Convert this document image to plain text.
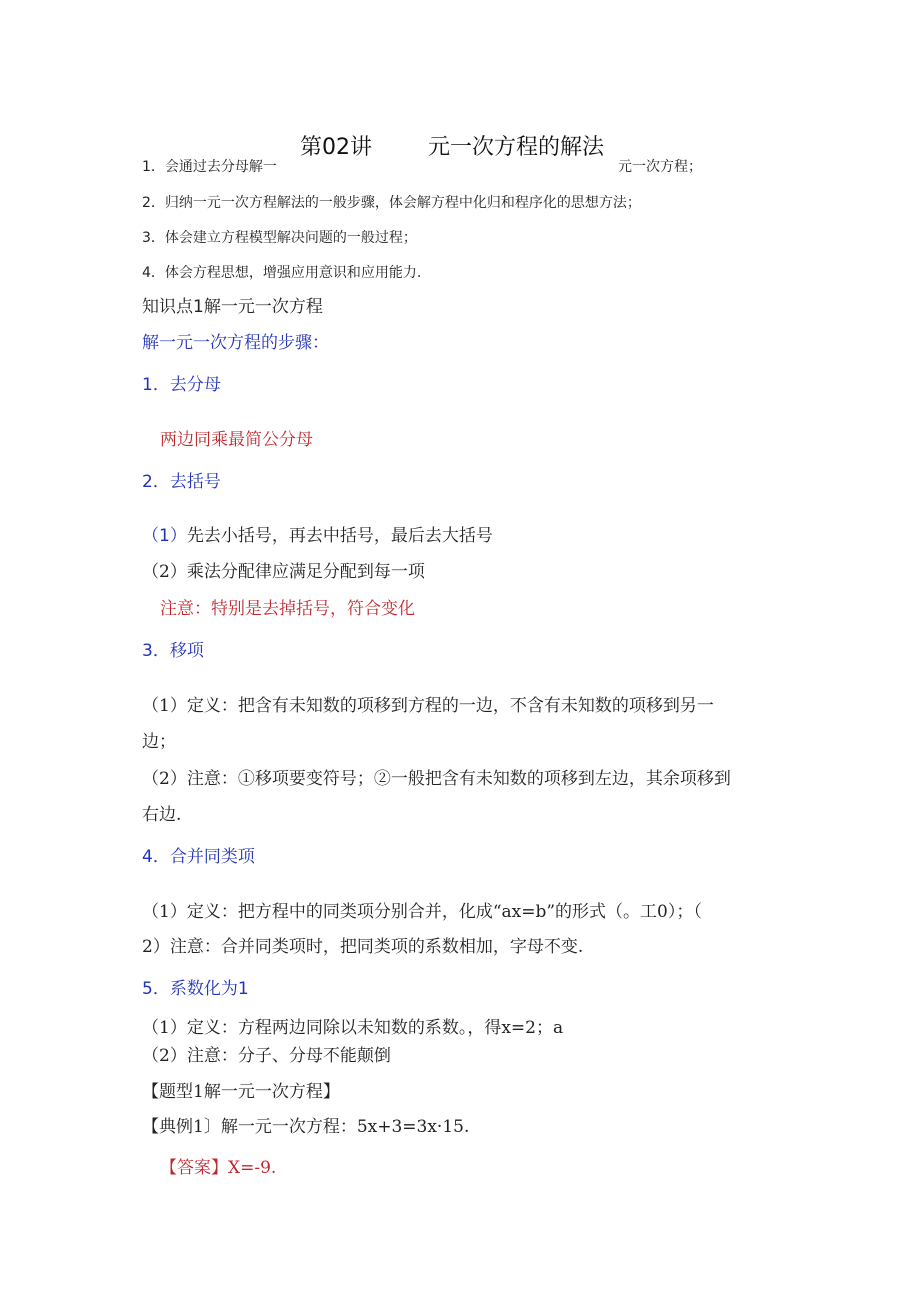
第02讲	元一次方程的解法
1．会通过去分母解一	元一次方程；
2．归纳一元一次方程解法的一般步骤，体会解方程中化归和程序化的思想方法；
3．体会建立方程模型解决问题的一般过程；
4．体会方程思想，增强应用意识和应用能力.
知识点1解一元一次方程
解一元一次方程的步骤：
1．去分母
两边同乘最简公分母
2．去括号
（1）先去小括号，再去中括号，最后去大括号
（2）乘法分配律应满足分配到每一项
注意：特别是去掉括号，符合变化
3．移项
（1）定义：把含有未知数的项移到方程的一边，不含有未知数的项移到另一
边；
（2）注意：①移项要变符号；②一般把含有未知数的项移到左边，其余项移到
右边.
4．合并同类项
（1）定义：把方程中的同类项分别合并，化成“ax=b”的形式（。工0）；（
2）注意：合并同类项时，把同类项的系数相加，字母不变.
5．系数化为1
（1）定义：方程两边同除以未知数的系数。，得x=2；a
（2）注意：分子、分母不能颠倒
【题型1解一元一次方程】
【典例1〕解一元一次方程：5x+3=3x·15.
【答案】X=-9.
